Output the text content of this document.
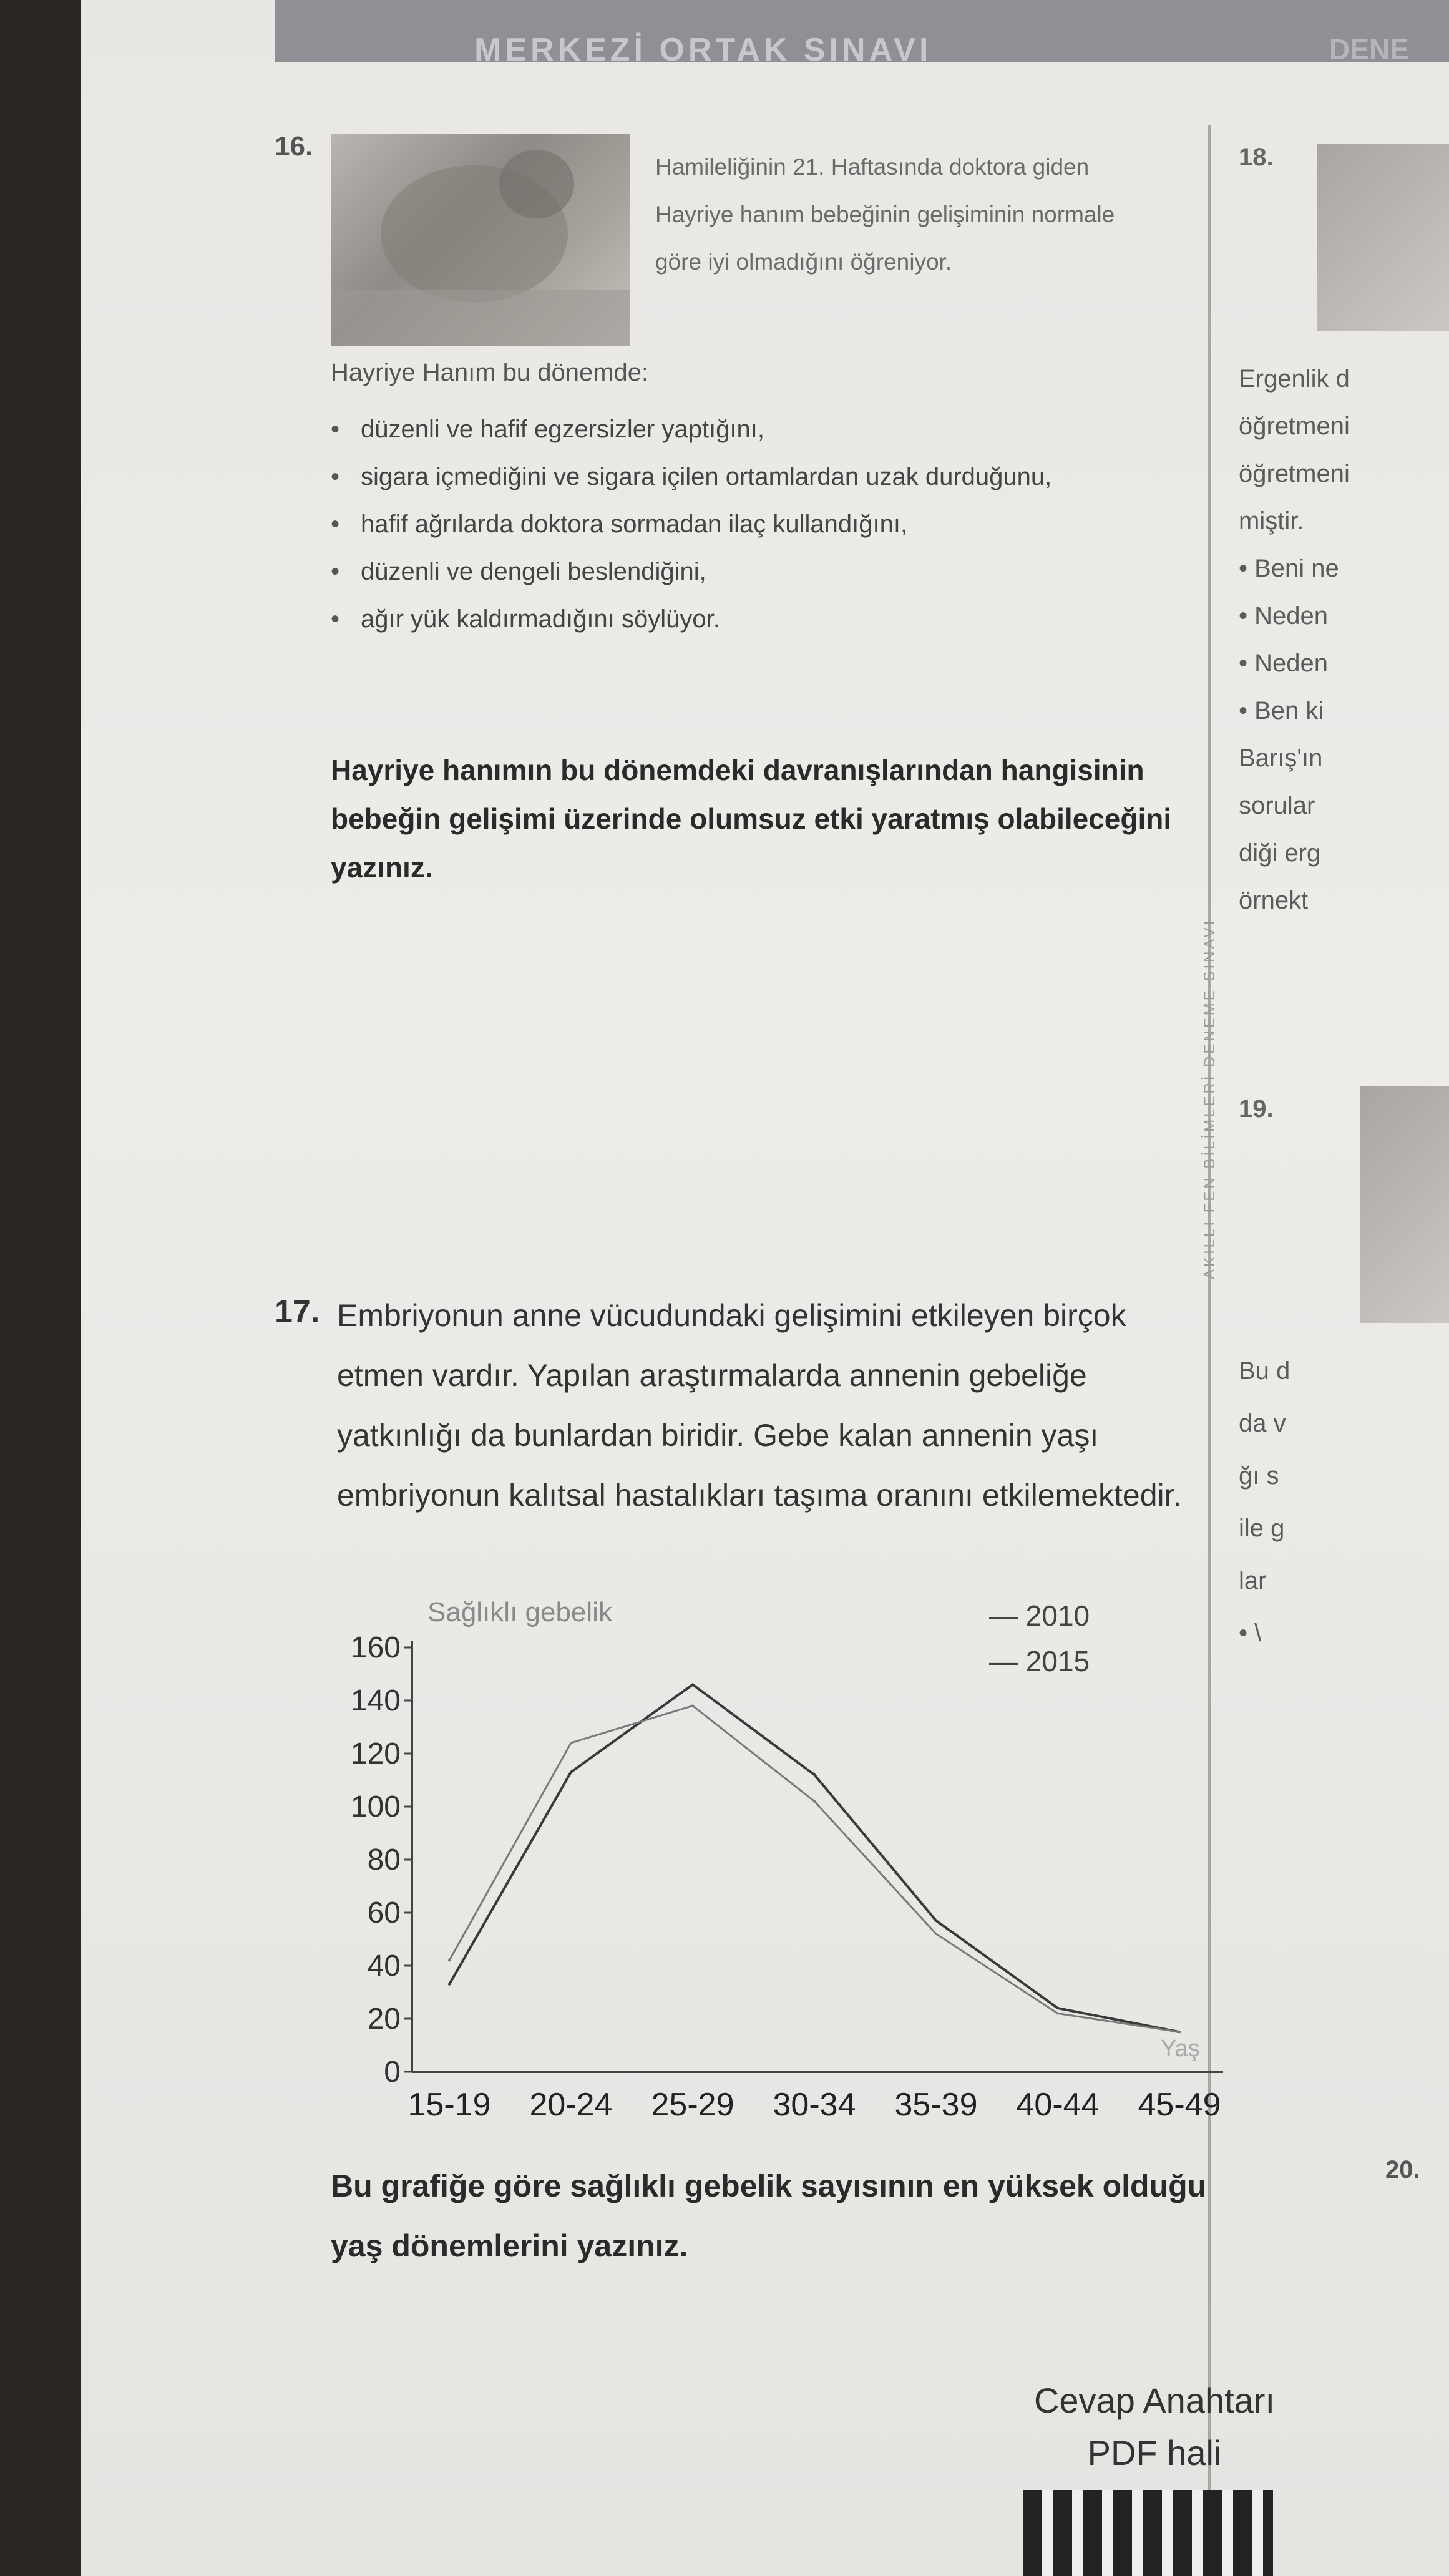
MERKEZİ ORTAK SINAVI	DENE
AKILLI FEN BİLİMLERİ DENEME SINAVI
16.
Hamileliğinin 21. Haftasında doktora giden Hayriye hanım bebeğinin gelişiminin normale göre iyi olmadığını öğreniyor.
Hayriye Hanım bu dönemde:
• düzenli ve hafif egzersizler yaptığını,
• sigara içmediğini ve sigara içilen ortamlardan uzak durduğunu,
• hafif ağrılarda doktora sormadan ilaç kullandığını,
• düzenli ve dengeli beslendiğini,
• ağır yük kaldırmadığını söylüyor.
Hayriye hanımın bu dönemdeki davranışlarından hangisinin bebeğin gelişimi üzerinde olumsuz etki yaratmış olabileceğini yazınız.
17. Embriyonun anne vücudundaki gelişimini etkileyen birçok etmen vardır. Yapılan araştırmalarda annenin gebeliğe yatkınlığı da bunlardan biridir. Gebe kalan annenin yaşı embriyonun kalıtsal hastalıkları taşıma oranını etkilemektedir.
0
20
40
60
80
100
120
140
160
15-19 20-24 25-29 30-34 35-39 40-44 45-49
Sağlıklı gebelik
Yaş
— 2010
— 2015
Bu grafiğe göre sağlıklı gebelik sayısının en yüksek olduğu yaş dönemlerini yazınız.
Cevap Anahtarı
PDF hali
18.
Ergenlik d
öğretmeni
öğretmeni
miştir.
• Beni ne
• Neden
• Neden
• Ben ki
Barış'ın
sorular
diği erg
örnekt
19.
Bu d
da v
ğı s
ile g
lar
• \
20.
